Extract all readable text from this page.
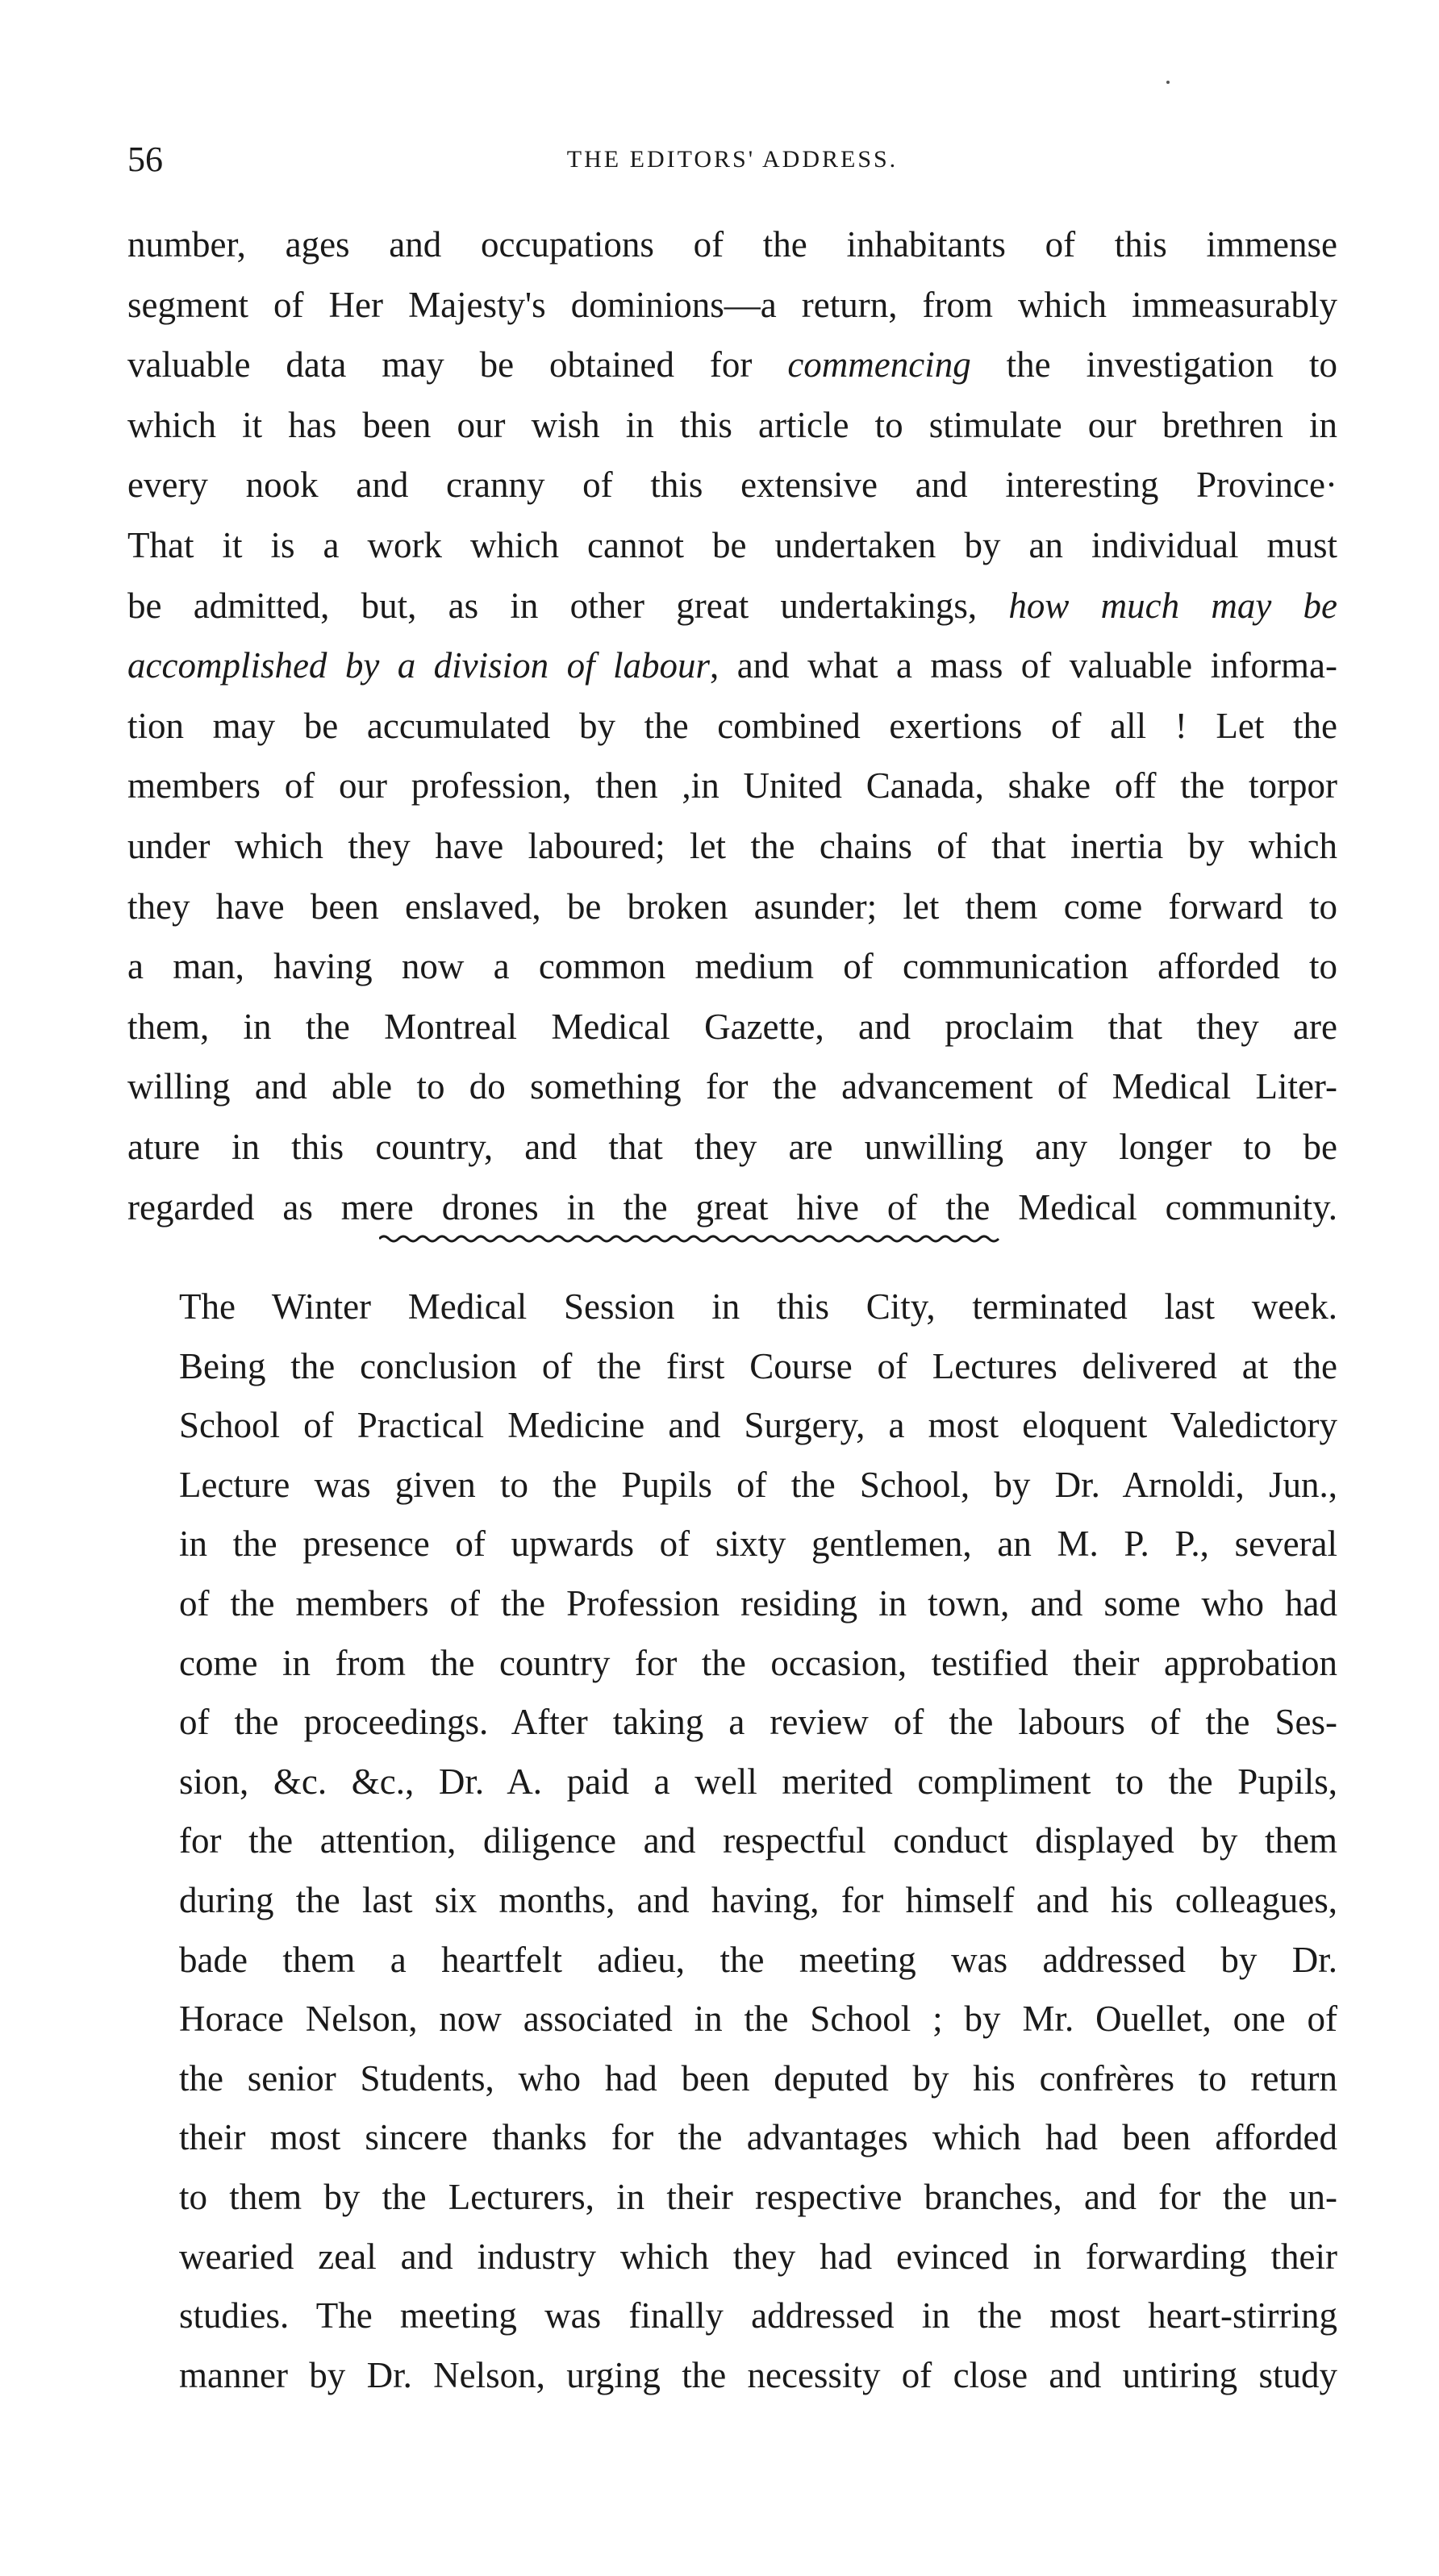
56	THE EDITORS' ADDRESS.
number, ages and occupations of the inhabitants of this immense
segment of Her Majesty's dominions—a return, from which immeasurably
valuable data may be obtained for commencing the investigation to
which it has been our wish in this article to stimulate our brethren in
every nook and cranny of this extensive and interesting Province·
That it is a work which cannot be undertaken by an individual must
be admitted, but, as in other great undertakings, how much may be
accomplished by a division of labour, and what a mass of valuable informa-
tion may be accumulated by the combined exertions of all ! Let the
members of our profession, then ,in United Canada, shake off the torpor
under which they have laboured; let the chains of that inertia by which
they have been enslaved, be broken asunder; let them come forward to
a man, having now a common medium of communication afforded to
them, in the Montreal Medical Gazette, and proclaim that they are
willing and able to do something for the advancement of Medical Liter-
ature in this country, and that they are unwilling any longer to be
regarded as mere drones in the great hive of the Medical community.
The Winter Medical Session in this City, terminated last week.
Being the conclusion of the first Course of Lectures delivered at the
School of Practical Medicine and Surgery, a most eloquent Valedictory
Lecture was given to the Pupils of the School, by Dr. Arnoldi, Jun.,
in the presence of upwards of sixty gentlemen, an M. P. P., several
of the members of the Profession residing in town, and some who had
come in from the country for the occasion, testified their approbation
of the proceedings. After taking a review of the labours of the Ses-
sion, &c. &c., Dr. A. paid a well merited compliment to the Pupils,
for the attention, diligence and respectful conduct displayed by them
during the last six months, and having, for himself and his colleagues,
bade them a heartfelt adieu, the meeting was addressed by Dr.
Horace Nelson, now associated in the School ; by Mr. Ouellet, one of
the senior Students, who had been deputed by his confrères to return
their most sincere thanks for the advantages which had been afforded
to them by the Lecturers, in their respective branches, and for the un-
wearied zeal and industry which they had evinced in forwarding their
studies. The meeting was finally addressed in the most heart-stirring
manner by Dr. Nelson, urging the necessity of close and untiring study
